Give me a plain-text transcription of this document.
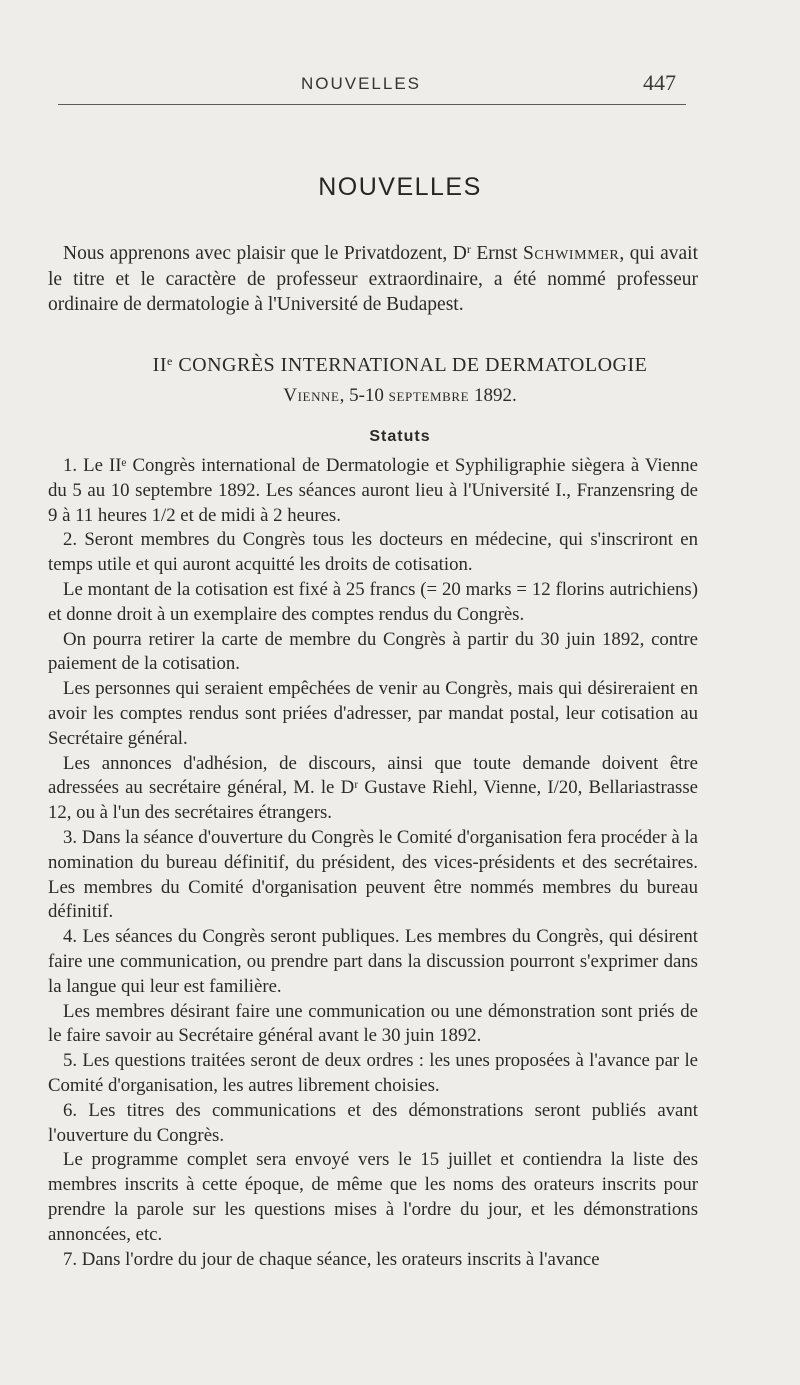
NOUVELLES	447
NOUVELLES

Nous apprenons avec plaisir que le Privatdozent, $D^r$ Ernst Schwimmer, qui avait le titre et le caractère de professeur extraordinaire, a été nommé professeur ordinaire de dermatologie à l'Université de Budapest.

IIe CONGRÈS INTERNATIONAL DE DERMATOLOGIE
Vienne, 5-10 septembre 1892.
Statuts

1. Le IIᵉ Congrès international de Dermatologie et Syphiligraphie siègera à Vienne du 5 au 10 septembre 1892. Les séances auront lieu à l'Université I., Franzensring de 9 à 11 heures 1/2 et de midi à 2 heures.

2. Seront membres du Congrès tous les docteurs en médecine, qui s'inscriront en temps utile et qui auront acquitté les droits de cotisation.

Le montant de la cotisation est fixé à 25 francs (= 20 marks = 12 florins autrichiens) et donne droit à un exemplaire des comptes rendus du Congrès.

On pourra retirer la carte de membre du Congrès à partir du 30 juin 1892, contre paiement de la cotisation.

Les personnes qui seraient empêchées de venir au Congrès, mais qui désireraient en avoir les comptes rendus sont priées d'adresser, par mandat postal, leur cotisation au Secrétaire général.

Les annonces d'adhésion, de discours, ainsi que toute demande doivent être adressées au secrétaire général, M. le Dʳ Gustave Riehl, Vienne, I/20, Bellariastrasse 12, ou à l'un des secrétaires étrangers.

3. Dans la séance d'ouverture du Congrès le Comité d'organisation fera procéder à la nomination du bureau définitif, du président, des vices-présidents et des secrétaires. Les membres du Comité d'organisation peuvent être nommés membres du bureau définitif.

4. Les séances du Congrès seront publiques. Les membres du Congrès, qui désirent faire une communication, ou prendre part dans la discussion pourront s'exprimer dans la langue qui leur est familière.

Les membres désirant faire une communication ou une démonstration sont priés de le faire savoir au Secrétaire général avant le 30 juin 1892.

5. Les questions traitées seront de deux ordres : les unes proposées à l'avance par le Comité d'organisation, les autres librement choisies.

6. Les titres des communications et des démonstrations seront publiés avant l'ouverture du Congrès.

Le programme complet sera envoyé vers le 15 juillet et contiendra la liste des membres inscrits à cette époque, de même que les noms des orateurs inscrits pour prendre la parole sur les questions mises à l'ordre du jour, et les démonstrations annoncées, etc.

7. Dans l'ordre du jour de chaque séance, les orateurs inscrits à l'avance
